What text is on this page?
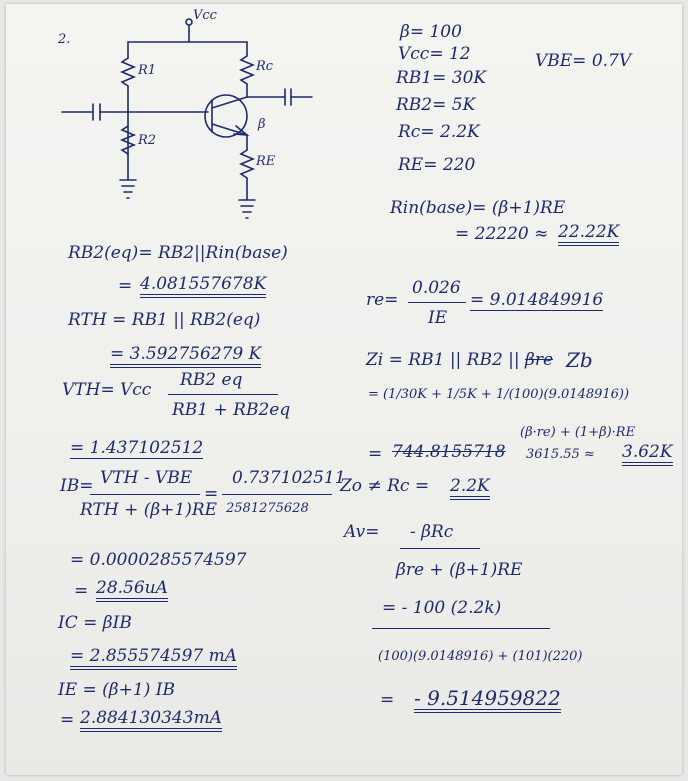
2.
Vcc
R1	Rc
R2
RE
β
β= 100
Vcc= 12
RB1= 30K
RB2= 5K
Rc= 2.2K
RE= 220
VBE= 0.7V
Rin(base)= (β+1)RE
= 22220 ≈ 22.22K
RB2(eq)= RB2||Rin(base)
= 4.081557678K
RTH = RB1 || RB2(eq)
= 3.592756279 K
VTH= Vcc RB2 eq
RB1 + RB2eq
= 1.437102512
IB= VTH - VBE
RTH + (β+1)RE
=
0.737102511
2581275628
= 0.0000285574597
= 28.56uA
IC = βIB
= 2.855574597 mA
IE = (β+1) IB
= 2.884130343mA
re=
0.026
IE
= 9.014849916
Zi = RB1 || RB2 || βre Zb
= (1/30K + 1/5K + 1/(100)(9.0148916))
(β·re) + (1+β)·RE
= 744.8155718 3615.55 ≈ 3.62K
Zo ≠ Rc = 2.2K
Av= - βRc
βre + (β+1)RE
= - 100 (2.2k)
(100)(9.0148916) + (101)(220)
= - 9.514959822
